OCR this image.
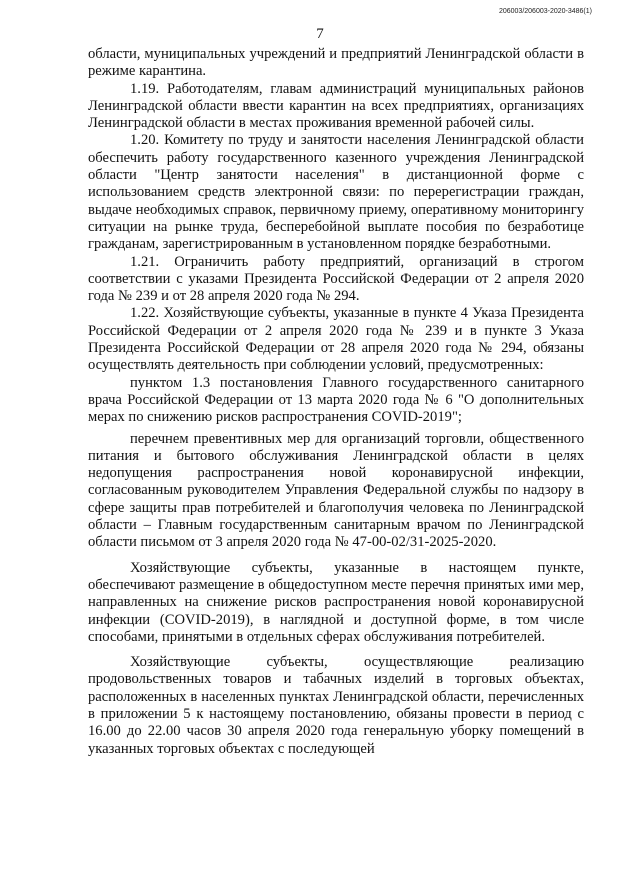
206003/206003-2020-3486(1)
7

области, муниципальных учреждений и предприятий Ленинградской области в режиме карантина.

1.19. Работодателям, главам администраций муниципальных районов Ленинградской области ввести карантин на всех предприятиях, организациях Ленинградской области в местах проживания временной рабочей силы.

1.20. Комитету по труду и занятости населения Ленинградской области обеспечить работу государственного казенного учреждения Ленинградской области "Центр занятости населения" в дистанционной форме с использованием средств электронной связи: по перерегистрации граждан, выдаче необходимых справок, первичному приему, оперативному мониторингу ситуации на рынке труда, бесперебойной выплате пособия по безработице гражданам, зарегистрированным в установленном порядке безработными.

1.21. Ограничить работу предприятий, организаций в строгом соответствии с указами Президента Российской Федерации от 2 апреля 2020 года № 239 и от 28 апреля 2020 года № 294.

1.22. Хозяйствующие субъекты, указанные в пункте 4 Указа Президента Российской Федерации от 2 апреля 2020 года № 239 и в пункте 3 Указа Президента Российской Федерации от 28 апреля 2020 года № 294, обязаны осуществлять деятельность при соблюдении условий, предусмотренных:

пунктом 1.3 постановления Главного государственного санитарного врача Российской Федерации от 13 марта 2020 года № 6 "О дополнительных мерах по снижению рисков распространения COVID-2019";

перечнем превентивных мер для организаций торговли, общественного питания и бытового обслуживания Ленинградской области в целях недопущения распространения новой коронавирусной инфекции, согласованным руководителем Управления Федеральной службы по надзору в сфере защиты прав потребителей и благополучия человека по Ленинградской области – Главным государственным санитарным врачом по Ленинградской области письмом от 3 апреля 2020 года № 47-00-02/31-2025-2020.

Хозяйствующие субъекты, указанные в настоящем пункте, обеспечивают размещение в общедоступном месте перечня принятых ими мер, направленных на снижение рисков распространения новой коронавирусной инфекции (COVID-2019), в наглядной и доступной форме, в том числе способами, принятыми в отдельных сферах обслуживания потребителей.

Хозяйствующие субъекты, осуществляющие реализацию продовольственных товаров и табачных изделий в торговых объектах, расположенных в населенных пунктах Ленинградской области, перечисленных в приложении 5 к настоящему постановлению, обязаны провести в период с 16.00 до 22.00 часов 30 апреля 2020 года генеральную уборку помещений в указанных торговых объектах с последующей
